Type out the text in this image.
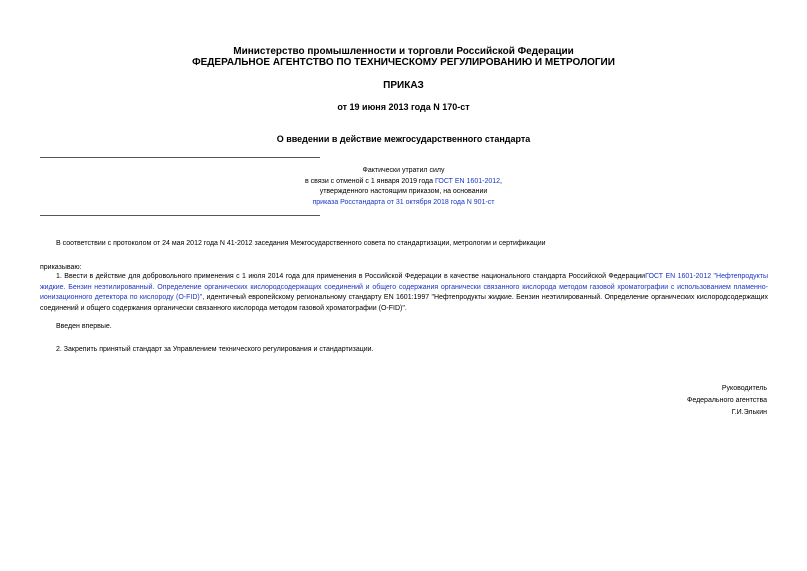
Министерство промышленности и торговли Российской Федерации
ФЕДЕРАЛЬНОЕ АГЕНТСТВО ПО ТЕХНИЧЕСКОМУ РЕГУЛИРОВАНИЮ И МЕТРОЛОГИИ
ПРИКАЗ
от 19 июня 2013 года N 170-ст
О введении в действие межгосударственного стандарта
Фактически утратил силу
в связи с отменой с 1 января 2019 года ГОСТ EN 1601-2012,
утвержденного настоящим приказом, на основании
приказа Росстандарта от 31 октября 2018 года N 901-ст
В соответствии с протоколом от 24 мая 2012 года N 41-2012 заседания Межгосударственного совета по стандартизации, метрологии и сертификации
приказываю:
1. Ввести в действие для добровольного применения с 1 июля 2014 года для применения в Российской Федерации в качестве национального стандарта Российской ФедерацииГОСТ EN 1601-2012 "Нефтепродукты жидкие. Бензин неэтилированный. Определение органических кислородсодержащих соединений и общего содержания органически связанного кислорода методом газовой хроматографии с использованием пламенно-ионизационного детектора по кислороду (O-FID)", идентичный европейскому региональному стандарту EN 1601:1997 "Нефтепродукты жидкие. Бензин неэтилированный. Определение органических кислородсодержащих соединений и общего содержания органически связанного кислорода методом газовой хроматографии (O-FID)".
Введен впервые.
2. Закрепить принятый стандарт за Управлением технического регулирования и стандартизации.
Руководитель
Федерального агентства
Г.И.Элькин
